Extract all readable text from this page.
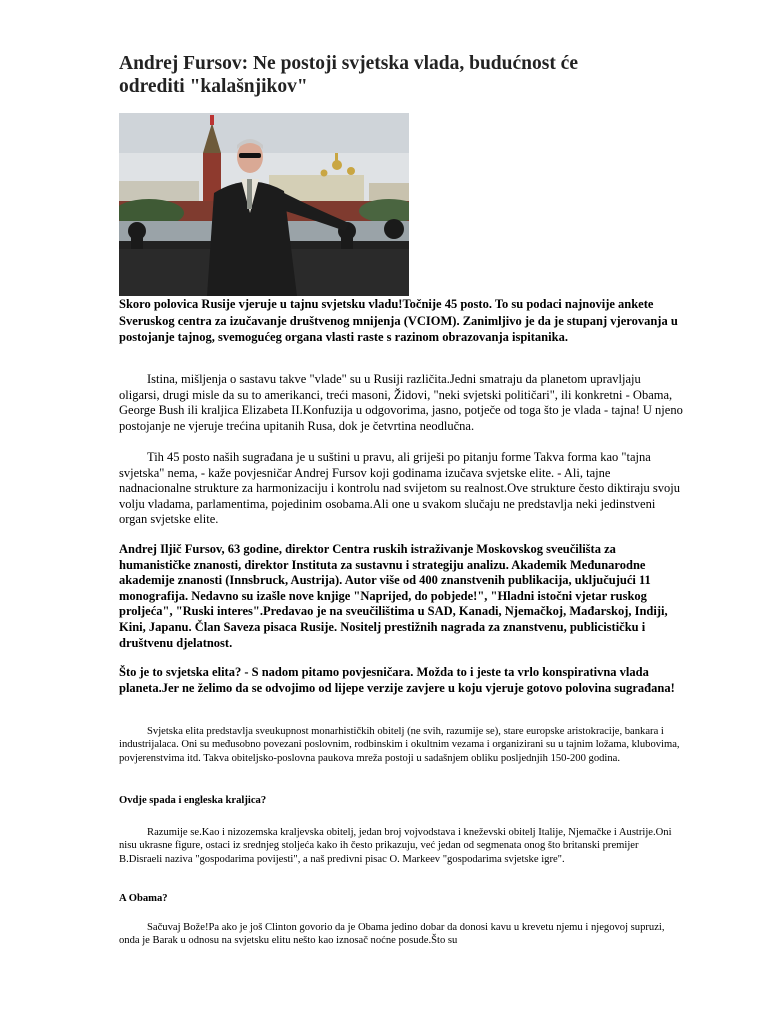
Andrej Fursov: Ne postoji svjetska vlada, budućnost će odrediti "kalašnjikov"

Skoro polovica Rusije vjeruje u tajnu svjetsku vladu!Točnije 45 posto. To su podaci najnovije ankete Sveruskog centra za izučavanje društvenog mnijenja (VCIOM). Zanimljivo je da je stupanj vjerovanja u postojanje tajnog, svemogućeg organa vlasti raste s razinom obrazovanja ispitanika.

Istina, mišljenja o sastavu takve "vlade" su u Rusiji različita.Jedni smatraju da planetom upravljaju oligarsi, drugi misle da su to amerikanci, treći masoni, Židovi, "neki svjetski političari", ili konkretni - Obama, George Bush ili kraljica Elizabeta II.Konfuzija u odgovorima, jasno, potječe od toga što je vlada - tajna! U njeno postojanje ne vjeruje trećina upitanih Rusa, dok je četvrtina neodlučna.

Tih 45 posto naših sugrađana je u suštini u pravu, ali griješi po pitanju forme Takva forma kao "tajna svjetska" nema, - kaže povjesničar Andrej Fursov koji godinama izučava svjetske elite. - Ali, tajne nadnacionalne strukture za harmonizaciju i kontrolu nad svijetom su realnost.Ove strukture često diktiraju svoju volju vladama, parlamentima, pojedinim osobama.Ali one u svakom slučaju ne predstavlja neki jedinstveni organ svjetske elite.

Andrej Iljič Fursov, 63 godine, direktor Centra ruskih istraživanje Moskovskog sveučilišta za humanističke znanosti, direktor Instituta za sustavnu i strategiju analizu. Akademik Međunarodne akademije znanosti (Innsbruck, Austrija). Autor više od 400 znanstvenih publikacija, uključujući 11 monografija. Nedavno su izašle nove knjige "Naprijed, do pobjede!", "Hladni istočni vjetar ruskog proljeća", "Ruski interes".Predavao je na sveučilištima u SAD, Kanadi, Njemačkoj, Mađarskoj, Indiji, Kini, Japanu. Član Saveza pisaca Rusije. Nositelj prestižnih nagrada za znanstvenu, publicističku i društvenu djelatnost.

Što je to svjetska elita? - S nadom pitamo povjesničara. Možda to i jeste ta vrlo konspirativna vlada planeta.Jer ne želimo da se odvojimo od lijepe verzije zavjere u koju vjeruje gotovo polovina sugrađana!

Svjetska elita predstavlja sveukupnost monarhističkih obitelj (ne svih, razumije se), stare europske aristokracije, bankara i industrijalaca. Oni su međusobno povezani poslovnim, rodbinskim i okultnim vezama i organizirani su u tajnim ložama, klubovima, povjerenstvima itd. Takva obiteljsko-poslovna paukova mreža postoji u sadašnjem obliku posljednjih 150-200 godina.

Ovdje spada i engleska kraljica?

Razumije se.Kao i nizozemska kraljevska obitelj, jedan broj vojvodstava i kneževski obitelj Italije, Njemačke i Austrije.Oni nisu ukrasne figure, ostaci iz srednjeg stoljeća kako ih često prikazuju, već jedan od segmenata onog što britanski premijer B.Disraeli naziva "gospodarima povijesti", a naš predivni pisac O. Markeev "gospodarima svjetske igre".

A Obama?

Sačuvaj Bože!Pa ako je još Clinton govorio da je Obama jedino dobar da donosi kavu u krevetu njemu i njegovoj supruzi, onda je Barak u odnosu na svjetsku elitu nešto kao iznosač noćne posude.Što su
